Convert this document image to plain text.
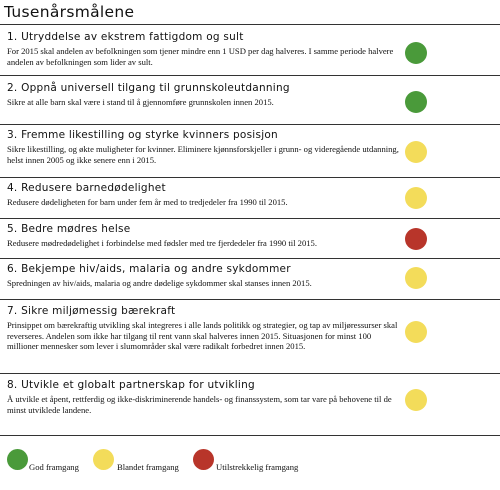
Tusenårsmålene
1. Utryddelse av ekstrem fattigdom og sult
For 2015 skal andelen av befolkningen som tjener mindre enn 1 USD per dag halveres. I samme periode halvere andelen av befolkningen som lider av sult.
2. Oppnå universell tilgang til grunnskoleutdanning
Sikre at alle barn skal være i stand til å gjennomføre grunnskolen innen 2015.
3. Fremme likestilling og styrke kvinners posisjon
Sikre likestilling, og økte muligheter for kvinner. Eliminere kjønnsforskjeller i grunn- og videregående utdanning, helst innen 2005 og ikke senere enn i 2015.
4. Redusere barnedødelighet
Redusere dødeligheten for barn under fem år med to tredjedeler fra 1990 til 2015.
5. Bedre mødres helse
Redusere mødredødelighet i forbindelse med fødsler med tre fjerdedeler fra 1990 til 2015.
6. Bekjempe hiv/aids, malaria og andre sykdommer
Spredningen av hiv/aids, malaria og andre dødelige sykdommer skal stanses innen 2015.
7. Sikre miljømessig bærekraft
Prinsippet om bærekraftig utvikling skal integreres i alle lands politikk og strategier, og tap av miljøressurser skal reverseres. Andelen som ikke har tilgang til rent vann skal halveres innen 2015. Situasjonen for minst 100 millioner mennesker som lever i slumområder skal være radikalt forbedret innen 2015.
8. Utvikle et globalt partnerskap for utvikling
Å utvikle et åpent, rettferdig og ikke-diskriminerende handels- og finanssystem, som tar vare på behovene til de minst utviklede landene.
God framgang	Blandet framgang	Utilstrekkelig framgang
